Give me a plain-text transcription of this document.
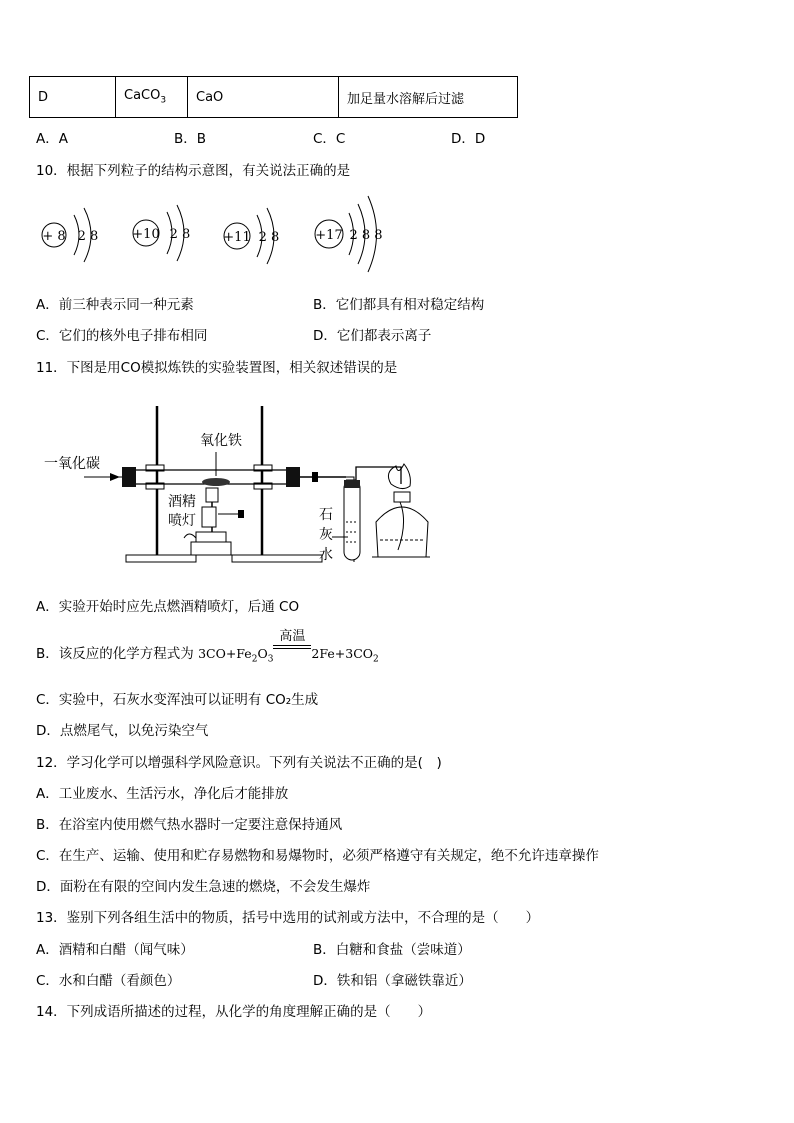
D	CaCO$_3$	CaO	加足量水溶解后过滤
A．A	B．B	C．C	D．D
10．根据下列粒子的结构示意图，有关说法正确的是
+ 8 2 8	+10 2 8	+11 2 8	+17 2 8 8
A．前三种表示同一种元素	B．它们都具有相对稳定结构
C．它们的核外电子排布相同	D．它们都表示离子
11．下图是用CO模拟炼铁的实验装置图，相关叙述错误的是
一氧化碳
氧化铁
酒精
喷灯	石
灰
水
A．实验开始时应先点燃酒精喷灯，后通 CO
B．该反应的化学方程式为 $3CO+Fe_2O_3$
高温
$2Fe+3CO_2$
C．实验中，石灰水变浑浊可以证明有 CO₂生成
D．点燃尾气，以免污染空气
12．学习化学可以增强科学风险意识。下列有关说法不正确的是(　)
A．工业废水、生活污水，净化后才能排放
B．在浴室内使用燃气热水器时一定要注意保持通风
C．在生产、运输、使用和贮存易燃物和易爆物时，必须严格遵守有关规定，绝不允许违章操作
D．面粉在有限的空间内发生急速的燃烧，不会发生爆炸
13．鉴别下列各组生活中的物质，括号中选用的试剂或方法中，不合理的是（　　）
A．酒精和白醋（闻气味）	B．白糖和食盐（尝味道）
C．水和白醋（看颜色）	D．铁和铝（拿磁铁靠近）
14．下列成语所描述的过程，从化学的角度理解正确的是（　　）
